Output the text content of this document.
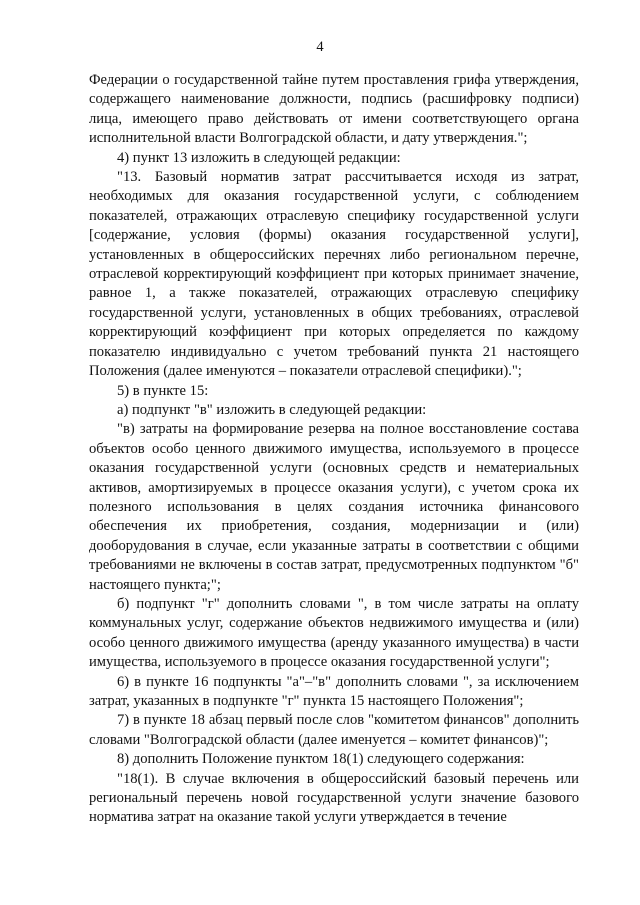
4

Федерации о государственной тайне путем проставления грифа утверждения, содержащего наименование должности, подпись (расшифровку подписи) лица, имеющего право действовать от имени соответствующего органа исполнительной власти Волгоградской области, и дату утверждения.";

4) пункт 13 изложить в следующей редакции:

"13. Базовый норматив затрат рассчитывается исходя из затрат, необходимых для оказания государственной услуги, с соблюдением показателей, отражающих отраслевую специфику государственной услуги [содержание, условия (формы) оказания государственной услуги], установленных в общероссийских перечнях либо региональном перечне, отраслевой корректирующий коэффициент при которых принимает значение, равное 1, а также показателей, отражающих отраслевую специфику государственной услуги, установленных в общих требованиях, отраслевой корректирующий коэффициент при которых определяется по каждому показателю индивидуально с учетом требований пункта 21 настоящего Положения (далее именуются – показатели отраслевой специфики).";

5) в пункте 15:

а) подпункт "в" изложить в следующей редакции:

"в) затраты на формирование резерва на полное восстановление состава объектов особо ценного движимого имущества, используемого в процессе оказания государственной услуги (основных средств и нематериальных активов, амортизируемых в процессе оказания услуги), с учетом срока их полезного использования в целях создания источника финансового обеспечения их приобретения, создания, модернизации и (или) дооборудования в случае, если указанные затраты в соответствии с общими требованиями не включены в состав затрат, предусмотренных подпунктом "б" настоящего пункта;";

б) подпункт "г" дополнить словами ", в том числе затраты на оплату коммунальных услуг, содержание объектов недвижимого имущества и (или) особо ценного движимого имущества (аренду указанного имущества) в части имущества, используемого в процессе оказания государственной услуги";

6) в пункте 16 подпункты "а"–"в" дополнить словами ", за исключением затрат, указанных в подпункте "г" пункта 15 настоящего Положения";

7) в пункте 18 абзац первый после слов "комитетом финансов" дополнить словами "Волгоградской области (далее именуется – комитет финансов)";

8) дополнить Положение пунктом 18(1) следующего содержания:

"18(1). В случае включения в общероссийский базовый перечень или региональный перечень новой государственной услуги значение базового норматива затрат на оказание такой услуги утверждается в течение
